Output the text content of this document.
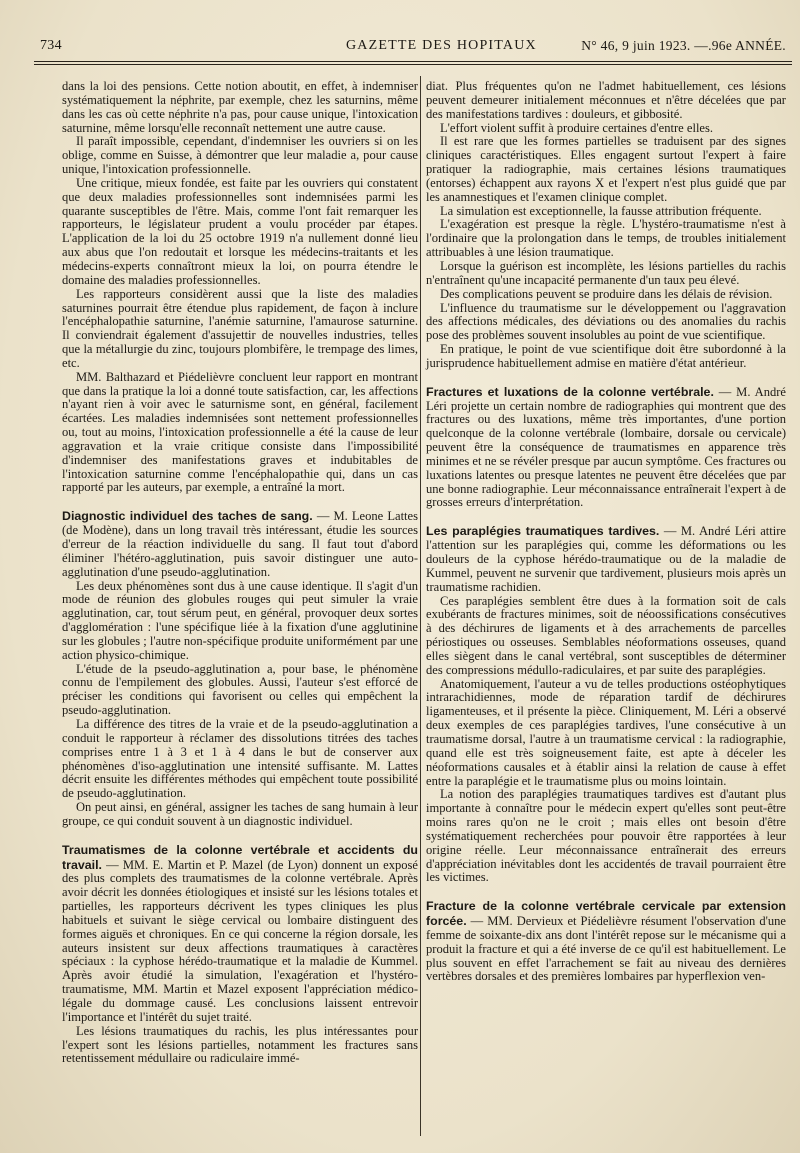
734	GAZETTE DES HOPITAUX	N° 46, 9 juin 1923. —.96e ANNÉE.

dans la loi des pensions. Cette notion aboutit, en effet, à indemniser systématiquement la néphrite, par exemple, chez les saturnins, même dans les cas où cette néphrite n'a pas, pour cause unique, l'intoxication saturnine, même lorsqu'elle reconnaît nettement une autre cause.

Il paraît impossible, cependant, d'indemniser les ouvriers si on les oblige, comme en Suisse, à démontrer que leur maladie a, pour cause unique, l'intoxication professionnelle.

Une critique, mieux fondée, est faite par les ouvriers qui constatent que deux maladies professionnelles sont indemnisées parmi les quarante susceptibles de l'être. Mais, comme l'ont fait remarquer les rapporteurs, le législateur prudent a voulu procéder par étapes. L'application de la loi du 25 octobre 1919 n'a nullement donné lieu aux abus que l'on redoutait et lorsque les médecins-traitants et les médecins-experts connaîtront mieux la loi, on pourra étendre le domaine des maladies professionnelles.

Les rapporteurs considèrent aussi que la liste des maladies saturnines pourrait être étendue plus rapidement, de façon à inclure l'encéphalopathie saturnine, l'anémie saturnine, l'amaurose saturnine. Il conviendrait également d'assujettir de nouvelles industries, telles que la métallurgie du zinc, toujours plombifère, le trempage des limes, etc.

MM. Balthazard et Piédelièvre concluent leur rapport en montrant que dans la pratique la loi a donné toute satisfaction, car, les affections n'ayant rien à voir avec le saturnisme sont, en général, facilement écartées. Les maladies indemnisées sont nettement professionnelles ou, tout au moins, l'intoxication professionnelle a été la cause de leur aggravation et la vraie critique consiste dans l'impossibilité d'indemniser des manifestations graves et indubitables de l'intoxication saturnine comme l'encéphalopathie qui, dans un cas rapporté par les auteurs, par exemple, a entraîné la mort.

Diagnostic individuel des taches de sang. — M. Leone Lattes (de Modène), dans un long travail très intéressant, étudie les sources d'erreur de la réaction individuelle du sang. Il faut tout d'abord éliminer l'hétéro-agglutination, puis savoir distinguer une auto-agglutination d'une pseudo-agglutination.

Les deux phénomènes sont dus à une cause identique. Il s'agit d'un mode de réunion des globules rouges qui peut simuler la vraie agglutination, car, tout sérum peut, en général, provoquer deux sortes d'agglomération : l'une spécifique liée à la fixation d'une agglutinine sur les globules ; l'autre non-spécifique produite uniformément par une action physico-chimique.

L'étude de la pseudo-agglutination a, pour base, le phénomène connu de l'empilement des globules. Aussi, l'auteur s'est efforcé de préciser les conditions qui favorisent ou celles qui empêchent la pseudo-agglutination.

La différence des titres de la vraie et de la pseudo-agglutination a conduit le rapporteur à réclamer des dissolutions titrées des taches comprises entre 1 à 3 et 1 à 4 dans le but de conserver aux phénomènes d'iso-agglutination une intensité suffisante. M. Lattes décrit ensuite les différentes méthodes qui empêchent toute possibilité de pseudo-agglutination.

On peut ainsi, en général, assigner les taches de sang humain à leur groupe, ce qui conduit souvent à un diagnostic individuel.

Traumatismes de la colonne vertébrale et accidents du travail. — MM. E. Martin et P. Mazel (de Lyon) donnent un exposé des plus complets des traumatismes de la colonne vertébrale. Après avoir décrit les données étiologiques et insisté sur les lésions totales et partielles, les rapporteurs décrivent les types cliniques les plus habituels et suivant le siège cervical ou lombaire distinguent des formes aiguës et chroniques. En ce qui concerne la région dorsale, les auteurs insistent sur deux affections traumatiques à caractères spéciaux : la cyphose hérédo-traumatique et la maladie de Kummel. Après avoir étudié la simulation, l'exagération et l'hystéro-traumatisme, MM. Martin et Mazel exposent l'appréciation médico-légale du dommage causé. Les conclusions laissent entrevoir l'importance et l'intérêt du sujet traité.

Les lésions traumatiques du rachis, les plus intéressantes pour l'expert sont les lésions partielles, notamment les fractures sans retentissement médullaire ou radiculaire immé-

diat. Plus fréquentes qu'on ne l'admet habituellement, ces lésions peuvent demeurer initialement méconnues et n'être décelées que par des manifestations tardives : douleurs, et gibbosité.

L'effort violent suffit à produire certaines d'entre elles.

Il est rare que les formes partielles se traduisent par des signes cliniques caractéristiques. Elles engagent surtout l'expert à faire pratiquer la radiographie, mais certaines lésions traumatiques (entorses) échappent aux rayons X et l'expert n'est plus guidé que par les anamnestiques et l'examen clinique complet.

La simulation est exceptionnelle, la fausse attribution fréquente.

L'exagération est presque la règle. L'hystéro-traumatisme n'est à l'ordinaire que la prolongation dans le temps, de troubles initialement attribuables à une lésion traumatique.

Lorsque la guérison est incomplète, les lésions partielles du rachis n'entraînent qu'une incapacité permanente d'un taux peu élevé.

Des complications peuvent se produire dans les délais de révision.

L'influence du traumatisme sur le développement ou l'aggravation des affections médicales, des déviations ou des anomalies du rachis pose des problèmes souvent insolubles au point de vue scientifique.

En pratique, le point de vue scientifique doit être subordonné à la jurisprudence habituellement admise en matière d'état antérieur.

Fractures et luxations de la colonne vertébrale. — M. André Léri projette un certain nombre de radiographies qui montrent que des fractures ou des luxations, même très importantes, d'une portion quelconque de la colonne vertébrale (lombaire, dorsale ou cervicale) peuvent être la conséquence de traumatismes en apparence très minimes et ne se révéler presque par aucun symptôme. Ces fractures ou luxations latentes ou presque latentes ne peuvent être décelées que par une bonne radiographie. Leur méconnaissance entraînerait l'expert à de grosses erreurs d'interprétation.

Les paraplégies traumatiques tardives. — M. André Léri attire l'attention sur les paraplégies qui, comme les déformations ou les douleurs de la cyphose hérédo-traumatique ou de la maladie de Kummel, peuvent ne survenir que tardivement, plusieurs mois après un traumatisme rachidien.

Ces paraplégies semblent être dues à la formation soit de cals exubérants de fractures minimes, soit de néoossifications consécutives à des déchirures de ligaments et à des arrachements de parcelles périostiques ou osseuses. Semblables néoformations osseuses, quand elles siègent dans le canal vertébral, sont susceptibles de déterminer des compressions médullo-radiculaires, et par suite des paraplégies.

Anatomiquement, l'auteur a vu de telles productions ostéophytiques intrarachidiennes, mode de réparation tardif de déchirures ligamenteuses, et il présente la pièce. Cliniquement, M. Léri a observé deux exemples de ces paraplégies tardives, l'une consécutive à un traumatisme dorsal, l'autre à un traumatisme cervical : la radiographie, quand elle est très soigneusement faite, est apte à déceler les néoformations causales et à établir ainsi la relation de cause à effet entre la paraplégie et le traumatisme plus ou moins lointain.

La notion des paraplégies traumatiques tardives est d'autant plus importante à connaître pour le médecin expert qu'elles sont peut-être moins rares qu'on ne le croit ; mais elles ont besoin d'être systématiquement recherchées pour pouvoir être rapportées à leur origine réelle. Leur méconnaissance entraînerait des erreurs d'appréciation inévitables dont les accidentés de travail pourraient être les victimes.

Fracture de la colonne vertébrale cervicale par extension forcée. — MM. Dervieux et Piédelièvre résument l'observation d'une femme de soixante-dix ans dont l'intérêt repose sur le mécanisme qui a produit la fracture et qui a été inverse de ce qu'il est habituellement. Le plus souvent en effet l'arrachement se fait au niveau des dernières vertèbres dorsales et des premières lombaires par hyperflexion ven-
